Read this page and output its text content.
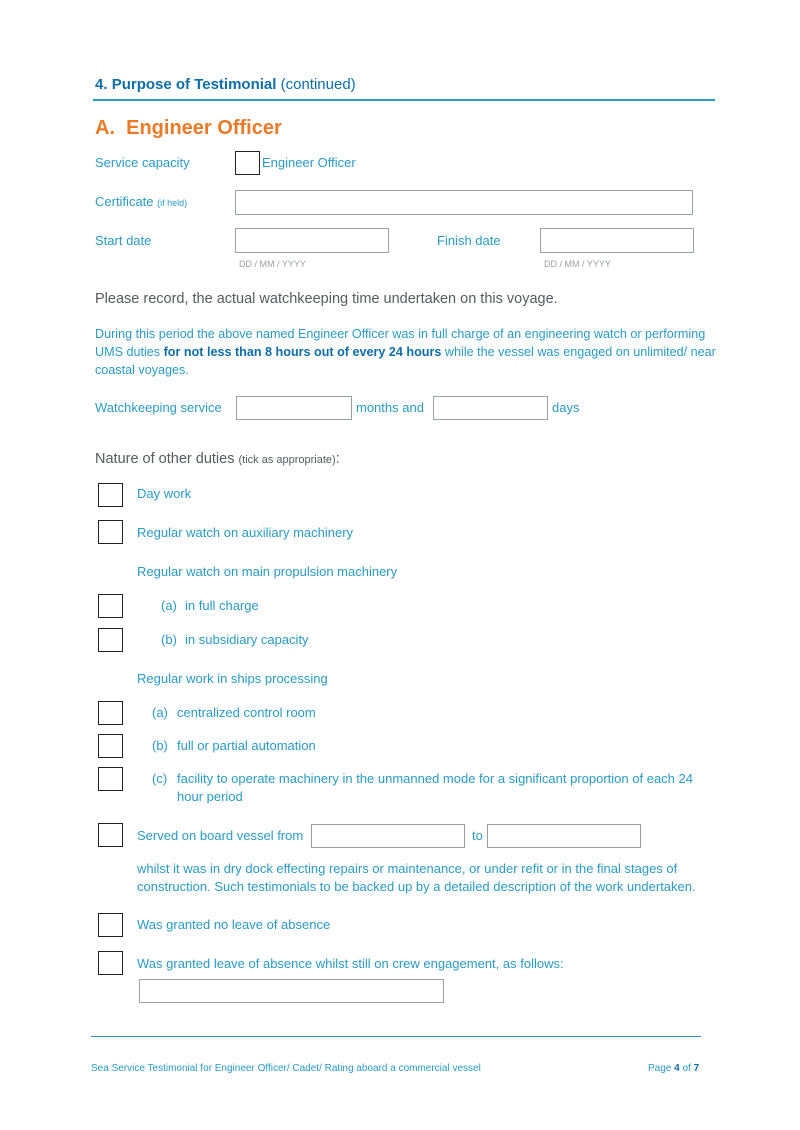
4. Purpose of Testimonial (continued)
A. Engineer Officer
Service capacity	Engineer Officer
Certificate (if held)
Start date
DD / MM / YYYY
Finish date
DD / MM / YYYY
Please record, the actual watchkeeping time undertaken on this voyage.
During this period the above named Engineer Officer was in full charge of an engineering watch or performing UMS duties for not less than 8 hours out of every 24 hours while the vessel was engaged on unlimited/ near coastal voyages.
Watchkeeping service	months and	days
Nature of other duties (tick as appropriate):
Day work
Regular watch on auxiliary machinery
Regular watch on main propulsion machinery
(a) in full charge
(b) in subsidiary capacity
Regular work in ships processing
(a) centralized control room
(b) full or partial automation
(c) facility to operate machinery in the unmanned mode for a significant proportion of each 24
hour period
Served on board vessel from	to
whilst it was in dry dock effecting repairs or maintenance, or under refit or in the final stages of
construction. Such testimonials to be backed up by a detailed description of the work undertaken.
Was granted no leave of absence
Was granted leave of absence whilst still on crew engagement, as follows:
Sea Service Testimonial for Engineer Officer/ Cadet/ Rating aboard a commercial vessel	Page 4 of 7
